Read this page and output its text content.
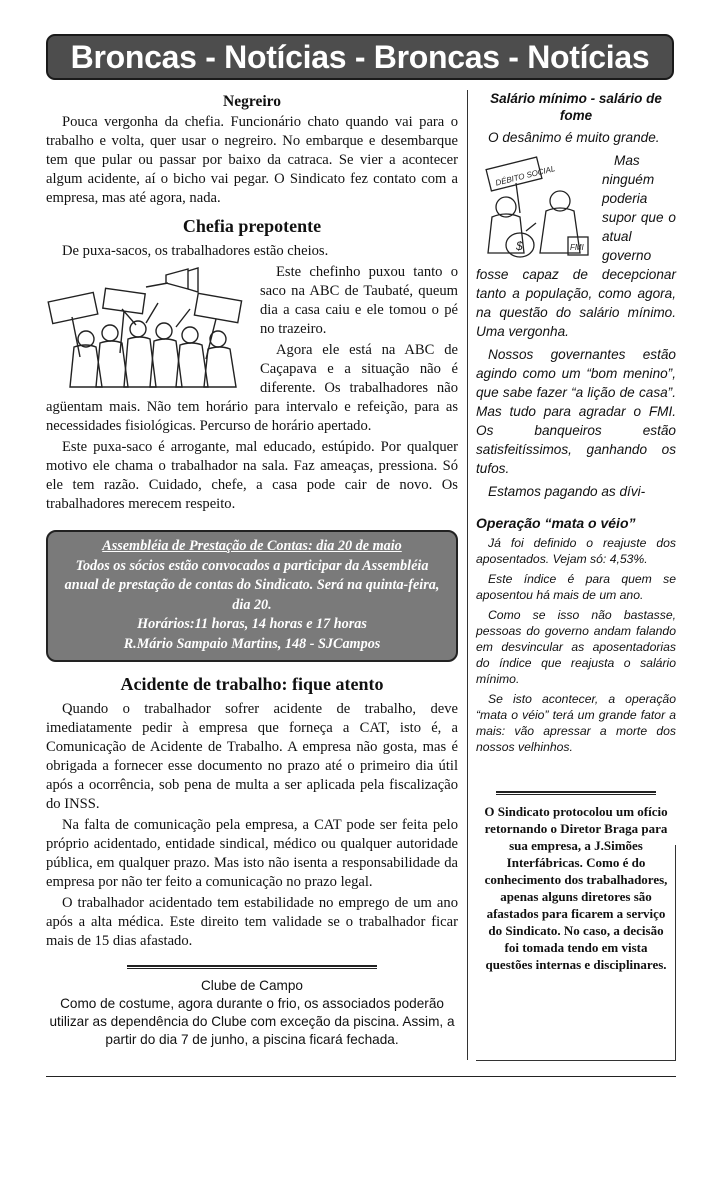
Broncas - Notícias - Broncas - Notícias
Negreiro

Pouca vergonha da chefia. Funcionário chato quando vai para o trabalho e volta, quer usar o negreiro. No embarque e desembarque tem que pular ou passar por baixo da catraca. Se vier a acontecer algum acidente, aí o bicho vai pegar. O Sindicato fez contato com a empresa, mas até agora, nada.

Chefia prepotente

De puxa-sacos, os trabalhadores estão cheios.

Este chefinho puxou tanto o saco na ABC de Taubaté, queum dia a casa caiu e ele tomou o pé no trazeiro.

Agora ele está na ABC de Caçapava e a situação não é diferente. Os trabalhadores não agüentam mais. Não tem horário para intervalo e refeição, para as necessidades fisiológicas. Percurso de horário apertado.

Este puxa-saco é arrogante, mal educado, estúpido. Por qualquer motivo ele chama o trabalhador na sala. Faz ameaças, pressiona. Só ele tem razão. Cuidado, chefe, a casa pode cair de novo. Os trabalhadores merecem respeito.

Assembléia de Prestação de Contas: dia 20 de maio
Todos os sócios estão convocados a participar da Assembléia anual de prestação de contas do Sindicato. Será na quinta-feira, dia 20.
Horários:11 horas, 14 horas e 17 horas
R.Mário Sampaio Martins, 148 - SJCampos
Acidente de trabalho: fique atento

Quando o trabalhador sofrer acidente de trabalho, deve imediatamente pedir à empresa que forneça a CAT, isto é, a Comunicação de Acidente de Trabalho. A empresa não gosta, mas é obrigada a fornecer esse documento no prazo até o primeiro dia útil após a ocorrência, sob pena de multa a ser aplicada pela fiscalização do INSS.

Na falta de comunicação pela empresa, a CAT pode ser feita pelo próprio acidentado, entidade sindical, médico ou qualquer autoridade pública, em qualquer prazo. Mas isto não isenta a responsabilidade da empresa por não ter feito a comunicação no prazo legal.

O trabalhador acidentado tem estabilidade no emprego de um ano após a alta médica. Este direito tem validade se o trabalhador ficar mais de 15 dias afastado.

Clube de Campo
Como de costume, agora durante o frio, os associados poderão utilizar as dependência do Clube com exceção da piscina. Assim, a partir do dia 7 de junho, a piscina ficará fechada.
Salário mínimo - salário de fome

O desânimo é muito grande.

DÉBITO SOCIAL
$	FMI
Mas ninguém poderia supor que o atual governo fosse capaz de decepcionar tanto a população, como agora, na questão do salário mínimo. Uma vergonha.

Nossos governantes estão agindo como um “bom menino”, que sabe fazer “a lição de casa”. Mas tudo para agradar o FMI. Os banqueiros estão satisfeitíssimos, ganhando os tufos.

Estamos pagando as dívi-

Operação “mata o véio”

Já foi definido o reajuste dos aposentados. Vejam só: 4,53%.

Este índice é para quem se aposentou há mais de um ano.

Como se isso não bastasse, pessoas do governo andam falando em desvincular as aposentadorias do índice que reajusta o salário mínimo.

Se isto acontecer, a operação “mata o véio” terá um grande fator a mais: vão apressar a morte dos nossos velhinhos.

O Sindicato protocolou um ofício retornando o Diretor Braga para sua empresa, a J.Simões Interfábricas. Como é do conhecimento dos trabalhadores, apenas alguns diretores são afastados para ficarem a serviço do Sindicato. No caso, a decisão foi tomada tendo em vista questões internas e disciplinares.
